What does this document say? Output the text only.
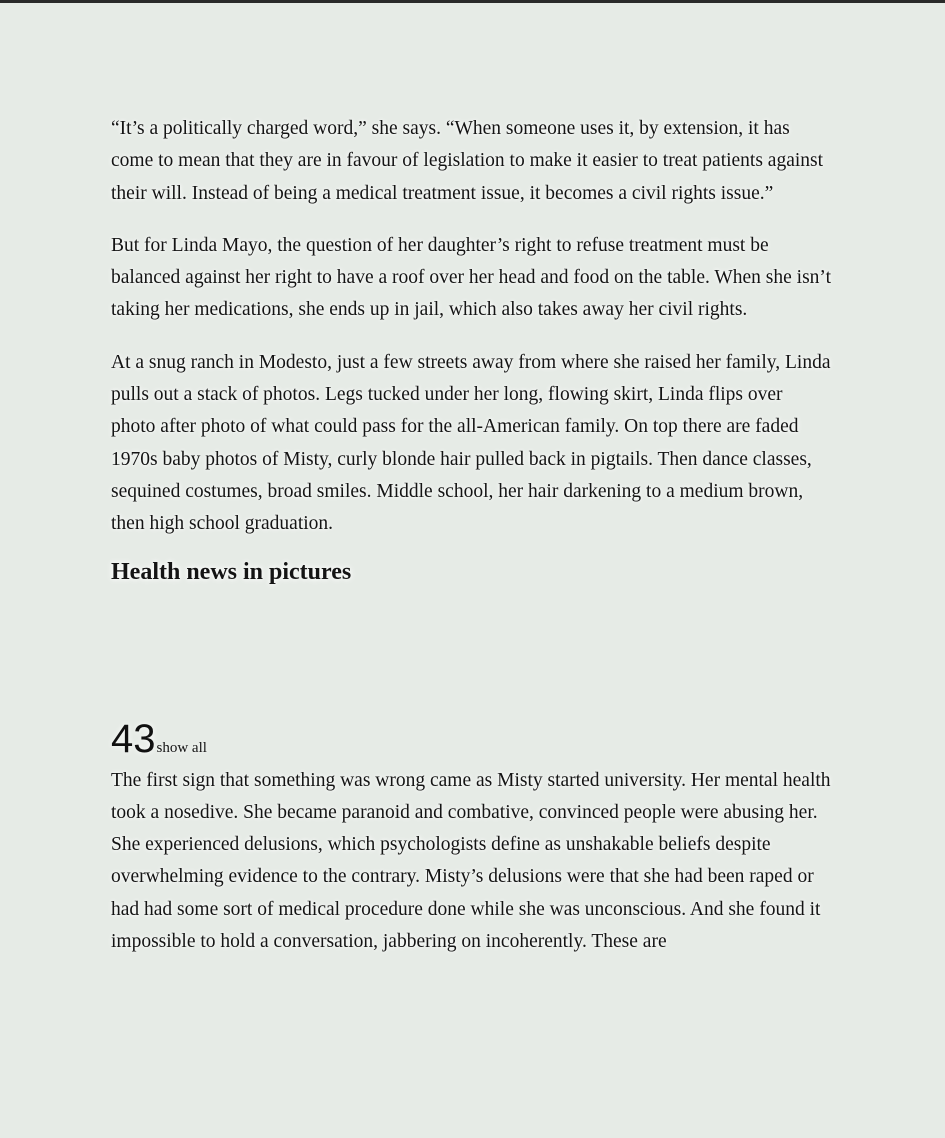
“It’s a politically charged word,” she says. “When someone uses it, by extension, it has come to mean that they are in favour of legislation to make it easier to treat patients against their will. Instead of being a medical treatment issue, it becomes a civil rights issue.”

But for Linda Mayo, the question of her daughter’s right to refuse treatment must be balanced against her right to have a roof over her head and food on the table. When she isn’t taking her medications, she ends up in jail, which also takes away her civil rights.

At a snug ranch in Modesto, just a few streets away from where she raised her family, Linda pulls out a stack of photos. Legs tucked under her long, flowing skirt, Linda flips over photo after photo of what could pass for the all-American family. On top there are faded 1970s baby photos of Misty, curly blonde hair pulled back in pigtails. Then dance classes, sequined costumes, broad smiles. Middle school, her hair darkening to a medium brown, then high school graduation.

Health news in pictures
43 show all

The first sign that something was wrong came as Misty started university. Her mental health took a nosedive. She became paranoid and combative, convinced people were abusing her. She experienced delusions, which psychologists define as unshakable beliefs despite overwhelming evidence to the contrary. Misty’s delusions were that she had been raped or had had some sort of medical procedure done while she was unconscious. And she found it impossible to hold a conversation, jabbering on incoherently. These are
